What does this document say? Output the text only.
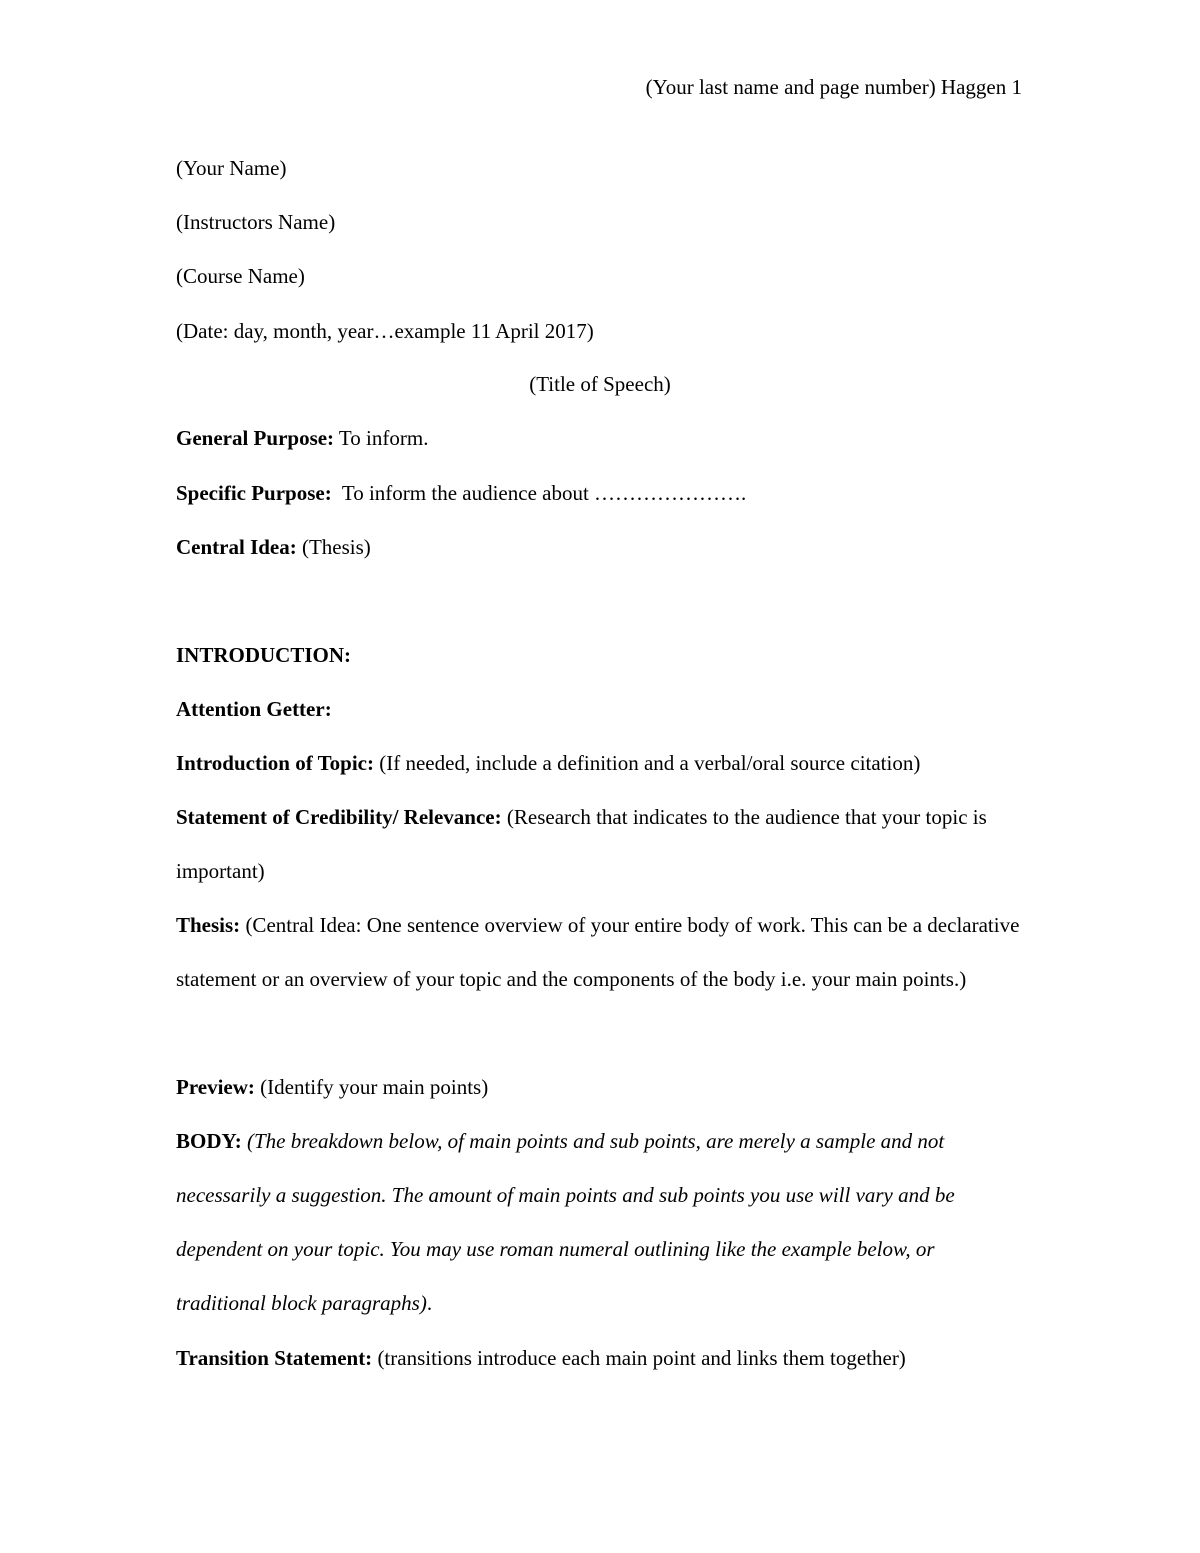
(Your last name and page number) Haggen 1
(Your Name)
(Instructors Name)
(Course Name)
(Date: day, month, year…example 11 April 2017)
(Title of Speech)
General Purpose: To inform.
Specific Purpose:  To inform the audience about ………………….
Central Idea: (Thesis)
INTRODUCTION:
Attention Getter:
Introduction of Topic: (If needed, include a definition and a verbal/oral source citation)
Statement of Credibility/ Relevance: (Research that indicates to the audience that your topic is important)
Thesis: (Central Idea: One sentence overview of your entire body of work. This can be a declarative statement or an overview of your topic and the components of the body i.e. your main points.)
Preview: (Identify your main points)
BODY: (The breakdown below, of main points and sub points, are merely a sample and not necessarily a suggestion. The amount of main points and sub points you use will vary and be dependent on your topic. You may use roman numeral outlining like the example below, or traditional block paragraphs).
Transition Statement: (transitions introduce each main point and links them together)
